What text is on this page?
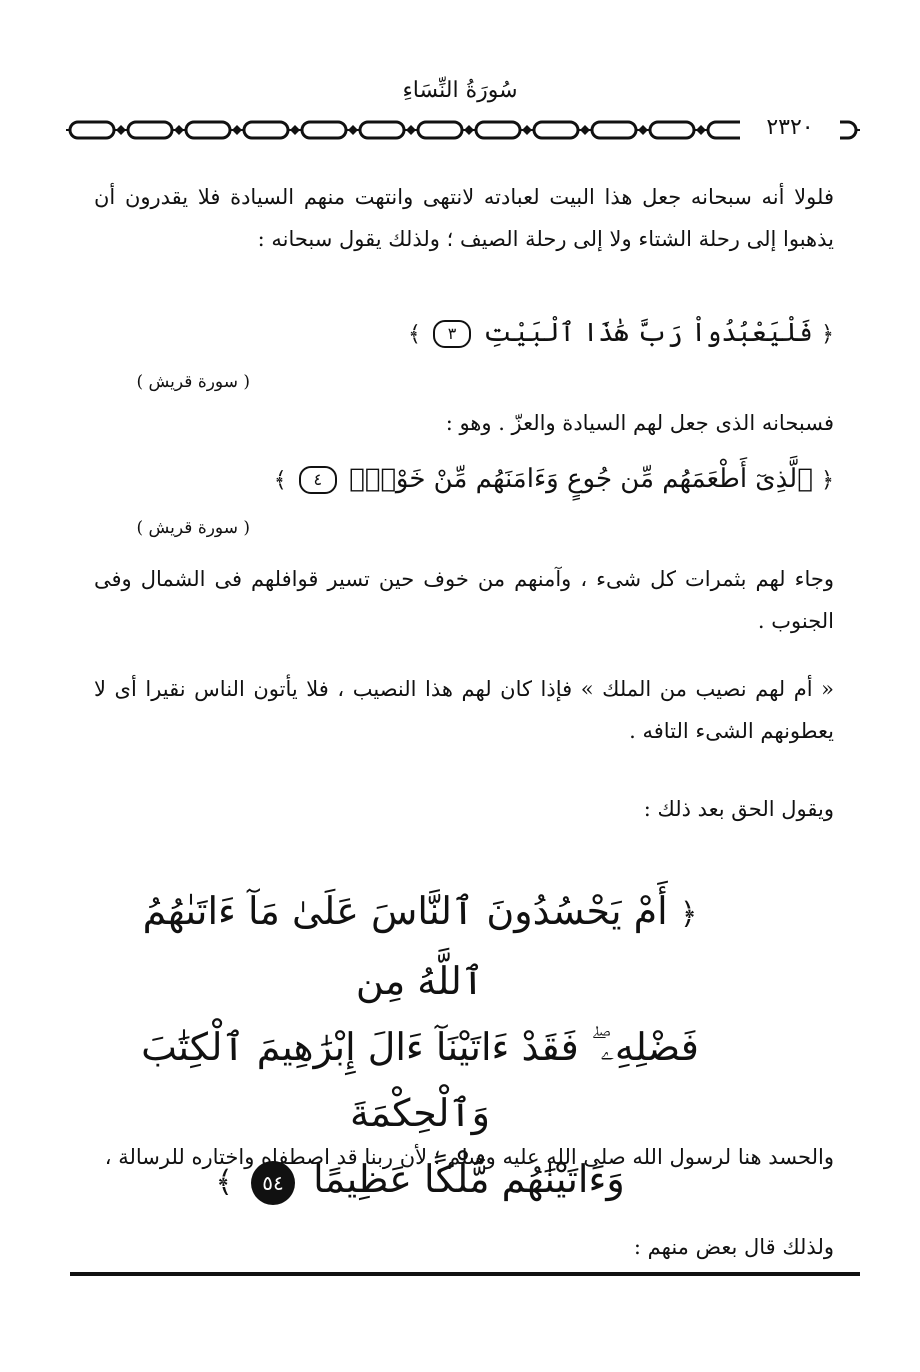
سُورَةُ النِّسَاءِ
٢٣٢٠
فلولا أنه سبحانه جعل هذا البيت لعبادته لانتهى وانتهت منهم السيادة فلا يقدرون أن يذهبوا إلى رحلة الشتاء ولا إلى رحلة الصيف ؛ ولذلك يقول سبحانه :
﴿ فَلْيَعْبُدُواْ رَبَّ هَٰذَا ٱلْبَيْتِ ٣ ﴾
( سورة قريش )
فسبحانه الذى جعل لهم السيادة والعزّ . وهو :
﴿ ٱلَّذِىٓ أَطْعَمَهُم مِّن جُوعٍ وَءَامَنَهُم مِّنْ خَوْفٍۭ ٤ ﴾
( سورة قريش )
وجاء لهم بثمرات كل شىء ، وآمنهم من خوف حين تسير قوافلهم فى الشمال وفى الجنوب .
« أم لهم نصيب من الملك » فإذا كان لهم هذا النصيب ، فلا يأتون الناس نقيرا أى لا يعطونهم الشىء التافه .
ويقول الحق بعد ذلك :
﴿ أَمْ يَحْسُدُونَ ٱلنَّاسَ عَلَىٰ مَآ ءَاتَىٰهُمُ ٱللَّهُ مِن
فَضْلِهِۦ ۖ فَقَدْ ءَاتَيْنَآ ءَالَ إِبْرَٰهِيمَ ٱلْكِتَٰبَ وَٱلْحِكْمَةَ
وَءَاتَيْنَٰهُم مُّلْكًا عَظِيمًا ٥٤ ﴾
والحسد هنا لرسول الله صلى الله عليه وسلم ؛ لأن ربنا قد اصطفاه واختاره للرسالة ،
ولذلك قال بعض منهم :
